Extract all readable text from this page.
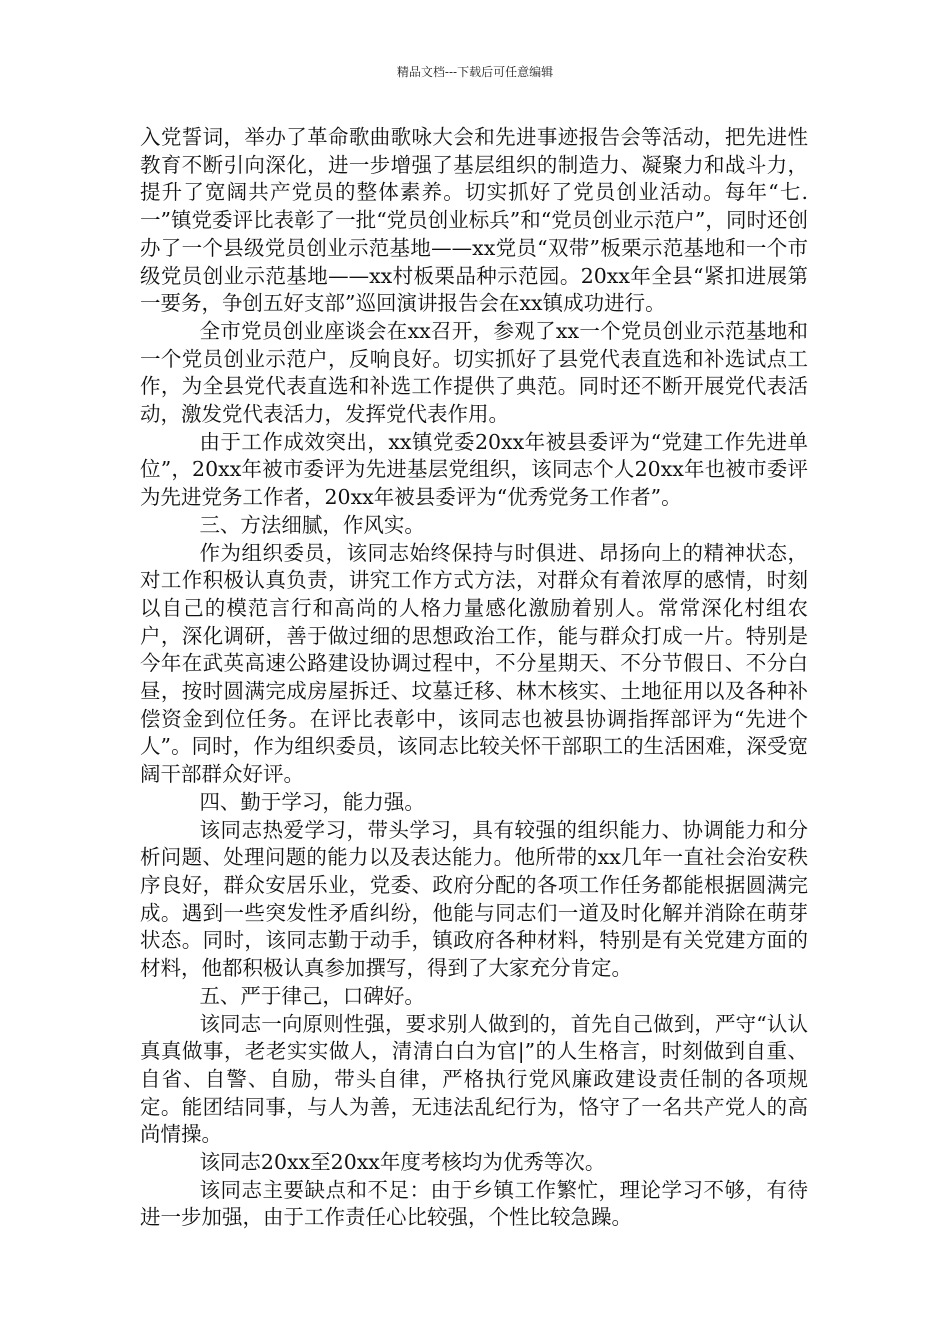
精品文档---下载后可任意编辑

入党誓词，举办了革命歌曲歌咏大会和先进事迹报告会等活动，把先进性教育不断引向深化，进一步增强了基层组织的制造力、凝聚力和战斗力，提升了宽阔共产党员的整体素养。切实抓好了党员创业活动。每年“七.一”镇党委评比表彰了一批“党员创业标兵”和“党员创业示范户”，同时还创办了一个县级党员创业示范基地——xx党员“双带”板栗示范基地和一个市级党员创业示范基地——xx村板栗品种示范园。20xx年全县“紧扣进展第一要务，争创五好支部”巡回演讲报告会在xx镇成功进行。

全市党员创业座谈会在xx召开，参观了xx一个党员创业示范基地和一个党员创业示范户，反响良好。切实抓好了县党代表直选和补选试点工作，为全县党代表直选和补选工作提供了典范。同时还不断开展党代表活动，激发党代表活力，发挥党代表作用。

由于工作成效突出，xx镇党委20xx年被县委评为“党建工作先进单位”，20xx年被市委评为先进基层党组织，该同志个人20xx年也被市委评为先进党务工作者，20xx年被县委评为“优秀党务工作者”。

三、方法细腻，作风实。

作为组织委员，该同志始终保持与时俱进、昂扬向上的精神状态，对工作积极认真负责，讲究工作方式方法，对群众有着浓厚的感情，时刻以自己的模范言行和高尚的人格力量感化激励着别人。常常深化村组农户，深化调研，善于做过细的思想政治工作，能与群众打成一片。特别是今年在武英高速公路建设协调过程中，不分星期天、不分节假日、不分白昼，按时圆满完成房屋拆迁、坟墓迁移、林木核实、土地征用以及各种补偿资金到位任务。在评比表彰中，该同志也被县协调指挥部评为“先进个人”。同时，作为组织委员，该同志比较关怀干部职工的生活困难，深受宽阔干部群众好评。

四、勤于学习，能力强。

该同志热爱学习，带头学习，具有较强的组织能力、协调能力和分析问题、处理问题的能力以及表达能力。他所带的xx几年一直社会治安秩序良好，群众安居乐业，党委、政府分配的各项工作任务都能根据圆满完成。遇到一些突发性矛盾纠纷，他能与同志们一道及时化解并消除在萌芽状态。同时，该同志勤于动手，镇政府各种材料，特别是有关党建方面的材料，他都积极认真参加撰写，得到了大家充分肯定。

五、严于律己，口碑好。

该同志一向原则性强，要求别人做到的，首先自己做到，严守“认认真真做事，老老实实做人，清清白白为官|”的人生格言，时刻做到自重、自省、自警、自励，带头自律，严格执行党风廉政建设责任制的各项规定。能团结同事，与人为善，无违法乱纪行为，恪守了一名共产党人的高尚情操。

该同志20xx至20xx年度考核均为优秀等次。

该同志主要缺点和不足：由于乡镇工作繁忙，理论学习不够，有待进一步加强，由于工作责任心比较强，个性比较急躁。
